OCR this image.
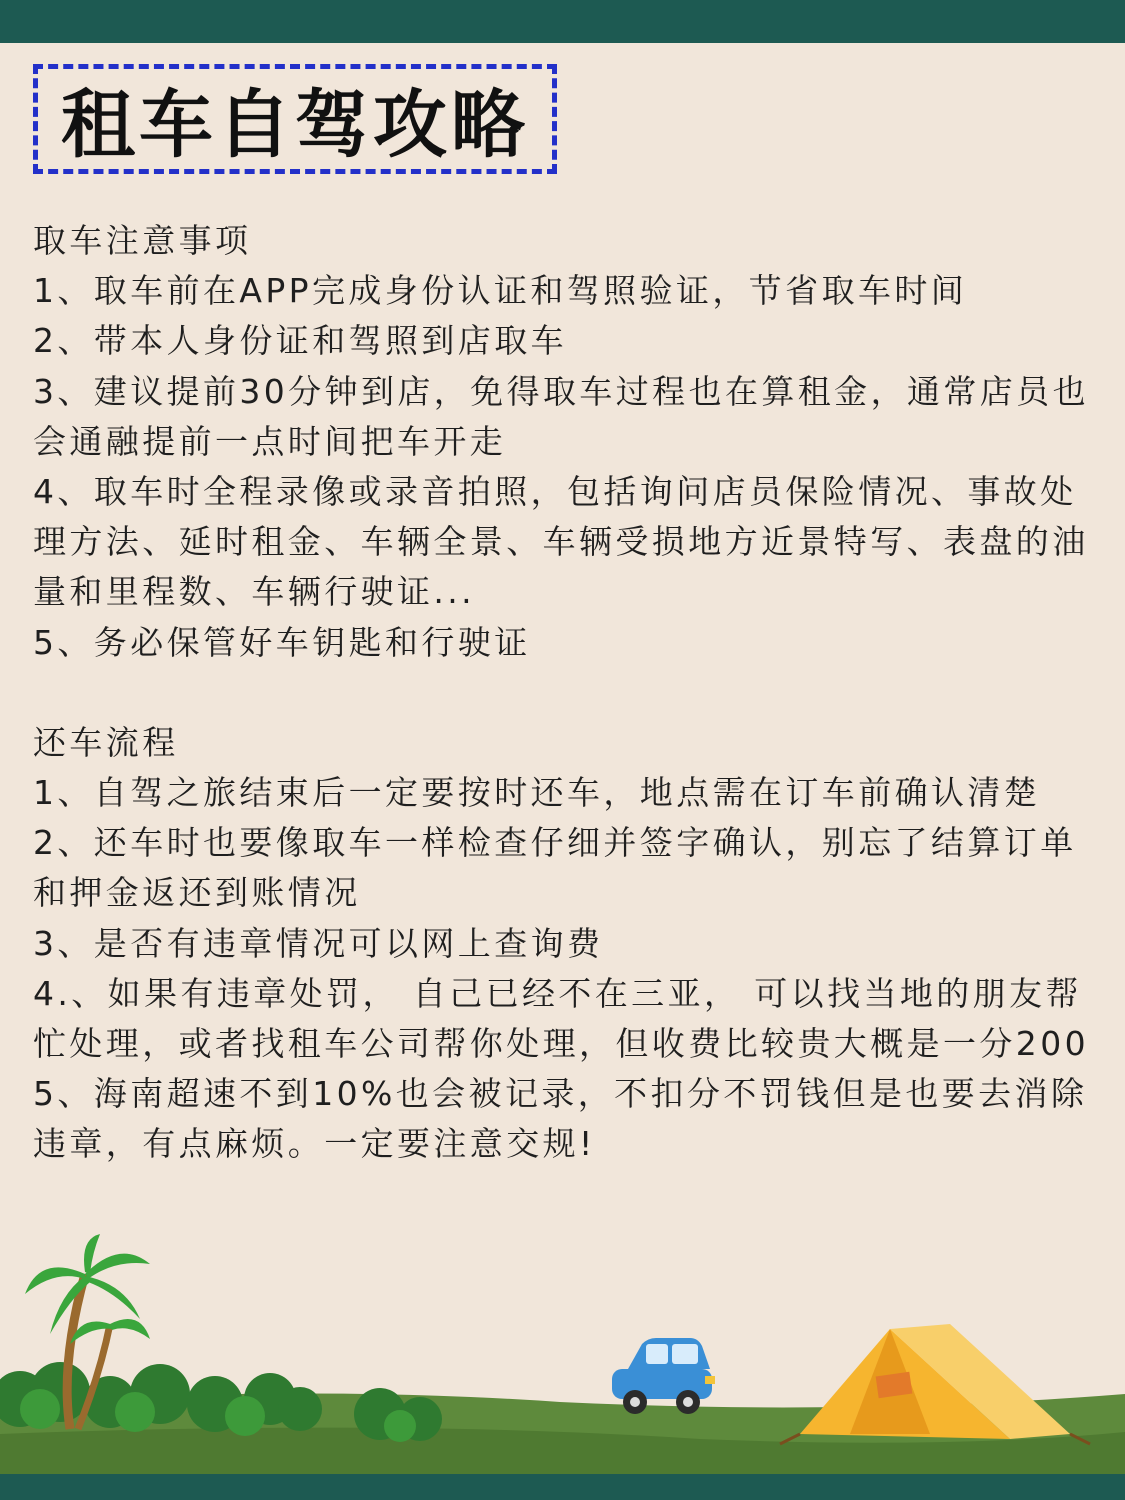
租车自驾攻略
取车注意事项

1、取车前在APP完成身份认证和驾照验证，节省取车时间

2、带本人身份证和驾照到店取车

3、建议提前30分钟到店，免得取车过程也在算租金，通常店员也会通融提前一点时间把车开走

4、取车时全程录像或录音拍照，包括询问店员保险情况、事故处理方法、延时租金、车辆全景、车辆受损地方近景特写、表盘的油量和里程数、车辆行驶证...

5、务必保管好车钥匙和行驶证

还车流程

1、自驾之旅结束后一定要按时还车，地点需在订车前确认清楚

2、还车时也要像取车一样检查仔细并签字确认，别忘了结算订单和押金返还到账情况

3、是否有违章情况可以网上查询费

4.、如果有违章处罚， 自己已经不在三亚， 可以找当地的朋友帮忙处理，或者找租车公司帮你处理，但收费比较贵大概是一分200

5、海南超速不到10%也会被记录，不扣分不罚钱但是也要去消除违章，有点麻烦。一定要注意交规!
